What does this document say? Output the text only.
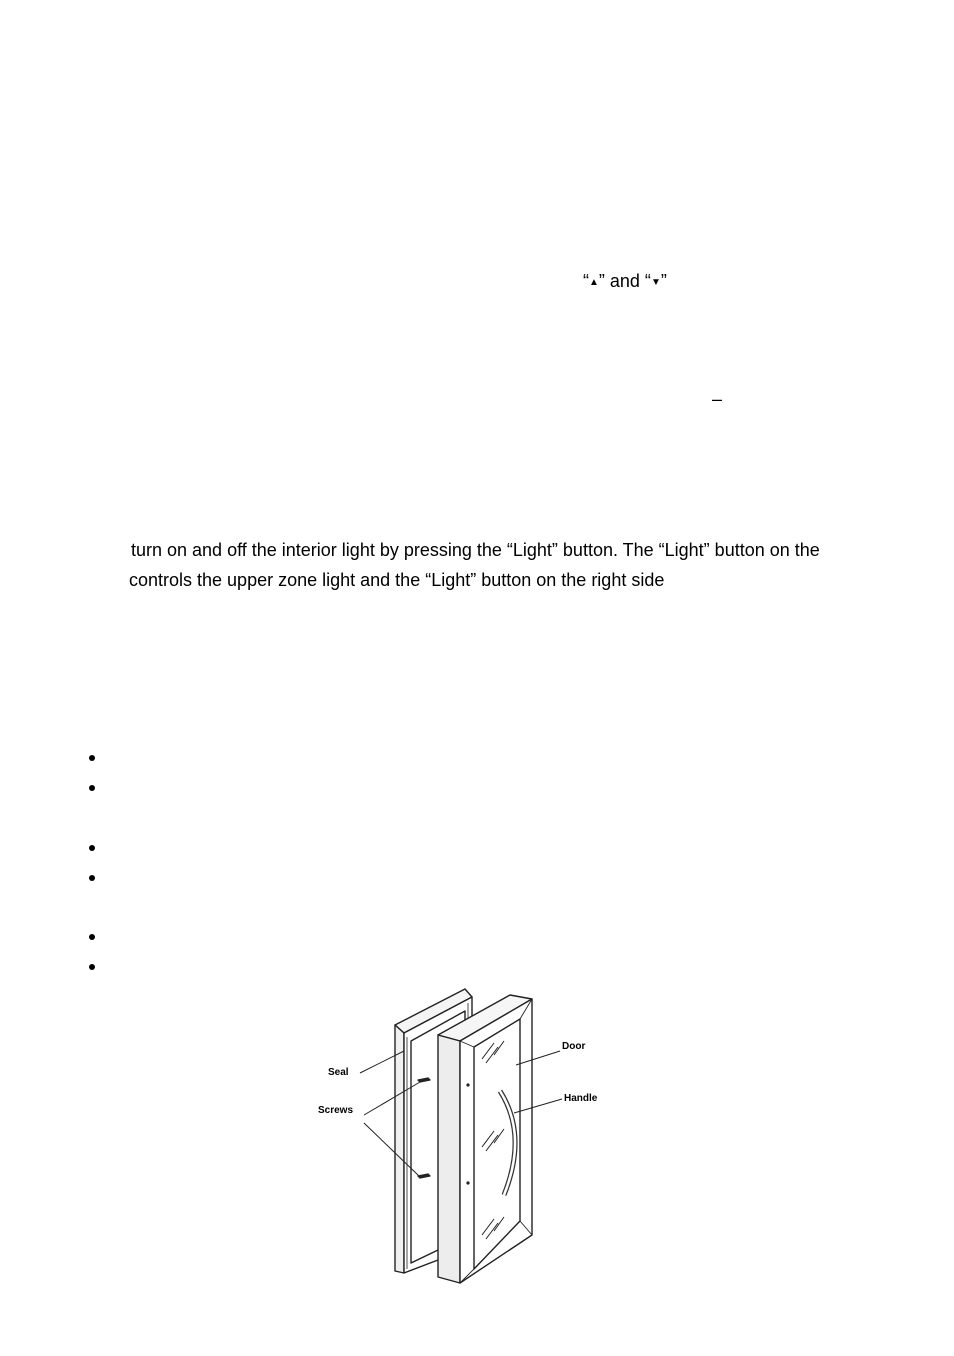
“▲” and “▼”
–
turn on and off the interior light by pressing the “Light” button. The “Light” button on the
controls the upper zone light and the “Light” button on the right side
Seal
Screws
Door
Handle
